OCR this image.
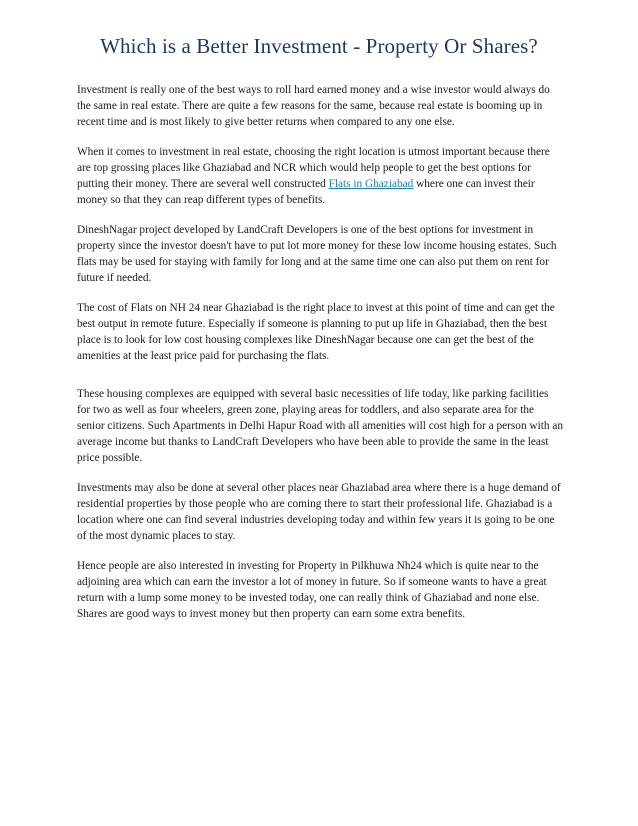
Which is a Better Investment - Property Or Shares?

Investment is really one of the best ways to roll hard earned money and a wise investor would always do the same in real estate. There are quite a few reasons for the same, because real estate is booming up in recent time and is most likely to give better returns when compared to any one else.

When it comes to investment in real estate, choosing the right location is utmost important because there are top grossing places like Ghaziabad and NCR which would help people to get the best options for putting their money. There are several well constructed Flats in Ghaziabad where one can invest their money so that they can reap different types of benefits.

DineshNagar project developed by LandCraft Developers is one of the best options for investment in property since the investor doesn't have to put lot more money for these low income housing estates. Such flats may be used for staying with family for long and at the same time one can also put them on rent for future if needed.

The cost of Flats on NH 24 near Ghaziabad is the right place to invest at this point of time and can get the best output in remote future. Especially if someone is planning to put up life in Ghaziabad, then the best place is to look for low cost housing complexes like DineshNagar because one can get the best of the amenities at the least price paid for purchasing the flats.

These housing complexes are equipped with several basic necessities of life today, like parking facilities for two as well as four wheelers, green zone, playing areas for toddlers, and also separate area for the senior citizens. Such Apartments in Delhi Hapur Road with all amenities will cost high for a person with an average income but thanks to LandCraft Developers who have been able to provide the same in the least price possible.

Investments may also be done at several other places near Ghaziabad area where there is a huge demand of residential properties by those people who are coming there to start their professional life. Ghaziabad is a location where one can find several industries developing today and within few years it is going to be one of the most dynamic places to stay.

Hence people are also interested in investing for Property in Pilkhuwa Nh24 which is quite near to the adjoining area which can earn the investor a lot of money in future. So if someone wants to have a great return with a lump some money to be invested today, one can really think of Ghaziabad and none else. Shares are good ways to invest money but then property can earn some extra benefits.
